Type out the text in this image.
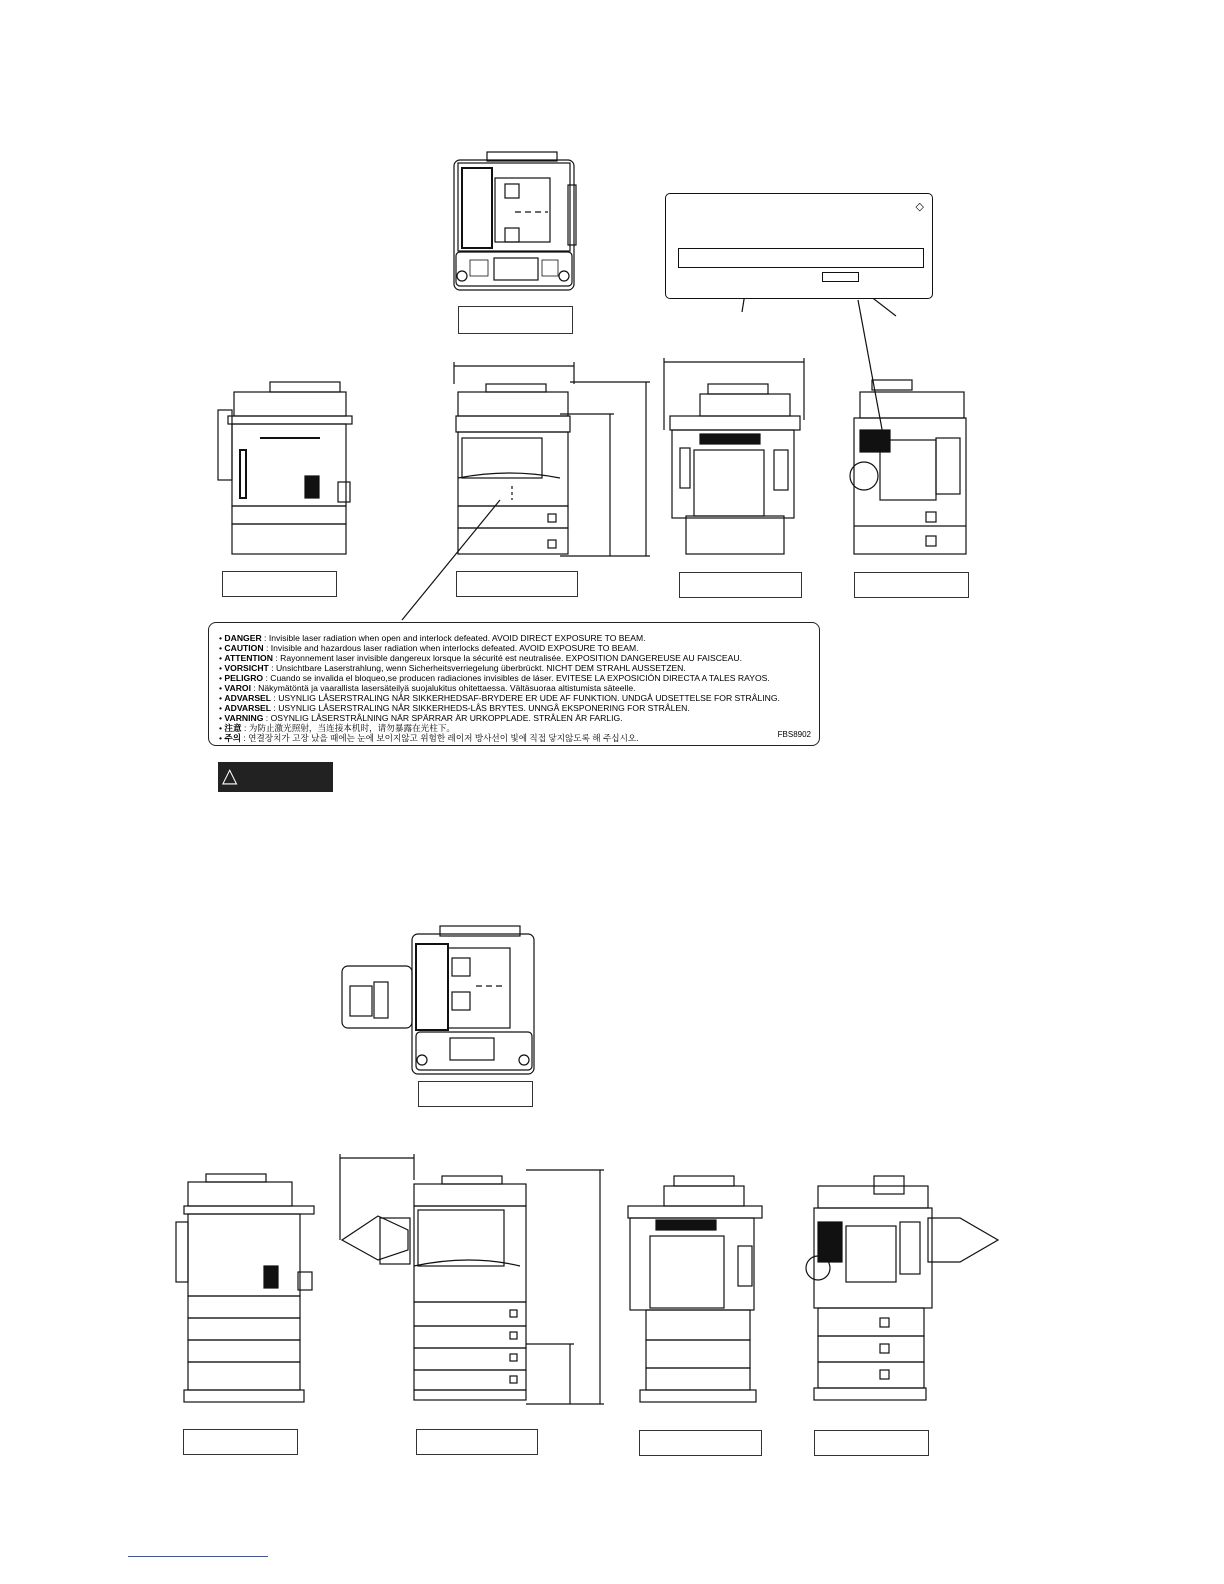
◇
• DANGER : Invisible laser radiation when open and interlock defeated. AVOID DIRECT EXPOSURE TO BEAM.
• CAUTION : Invisible and hazardous laser radiation when interlocks defeated. AVOID EXPOSURE TO BEAM.
• ATTENTION : Rayonnement laser invisible dangereux lorsque la sécurité est neutralisée. EXPOSITION DANGEREUSE AU FAISCEAU.
• VORSICHT : Unsichtbare Laserstrahlung, wenn Sicherheitsverriegelung überbrückt. NICHT DEM STRAHL AUSSETZEN.
• PELIGRO : Cuando se invalida el bloqueo,se producen radiaciones invisibles de láser. EVITESE LA EXPOSICIÓN DIRECTA A TALES RAYOS.
• VAROI : Näkymätöntä ja vaarallista lasersäteilyä suojalukitus ohitettaessa. Vältäsuoraa altistumista säteelle.
• ADVARSEL : USYNLIG LÅSERSTRALING NÅR SIKKERHEDSAF-BRYDERE ER UDE AF FUNKTION. UNDGÅ UDSETTELSE FOR STRÅLING.
• ADVARSEL : USYNLIG LÅSERSTRALING NÅR SIKKERHEDS-LÅS BRYTES. UNNGÅ EKSPONERING FOR STRÅLEN.
• VARNING : OSYNLIG LÅSERSTRÅLNING NÄR SPÄRRAR ÄR URKOPPLADE. STRÅLEN ÄR FARLIG.
• 注意 : 为防止激光照射，当连接本机时，请勿暴露在光柱下。
• 주의 : 연결장치가 고장 났을 때에는 눈에 보이지않고 위험한 레이저 방사선이 빛에 직접 닿지않도록 해 주십시오.	FBS8902
△
